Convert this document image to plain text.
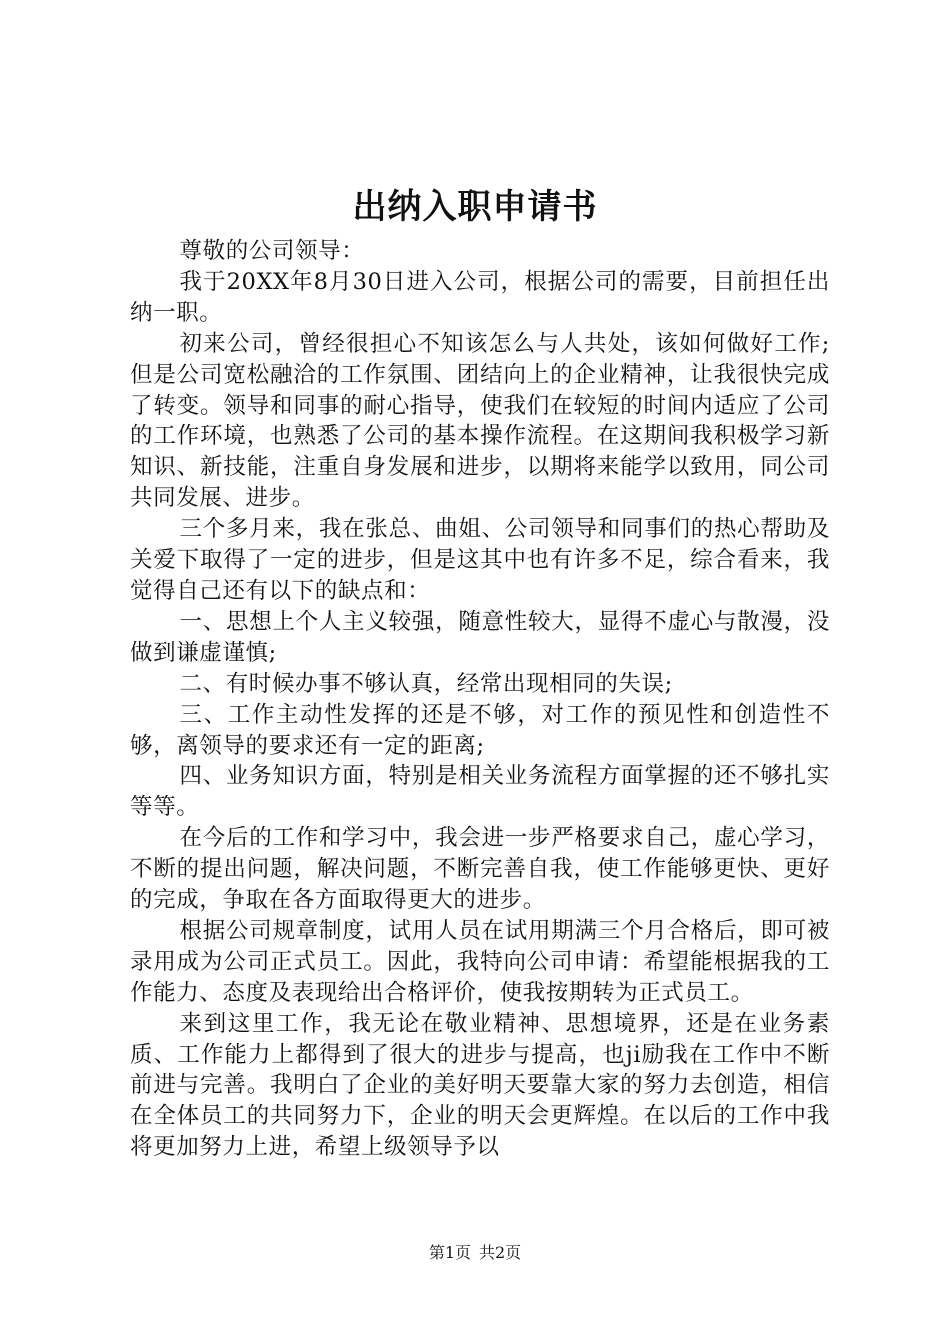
出纳入职申请书

尊敬的公司领导：

我于20XX年8月30日进入公司，根据公司的需要，目前担任出纳一职。

初来公司，曾经很担心不知该怎么与人共处，该如何做好工作;但是公司宽松融洽的工作氛围、团结向上的企业精神，让我很快完成了转变。领导和同事的耐心指导，使我们在较短的时间内适应了公司的工作环境，也熟悉了公司的基本操作流程。在这期间我积极学习新知识、新技能，注重自身发展和进步，以期将来能学以致用，同公司共同发展、进步。

三个多月来，我在张总、曲姐、公司领导和同事们的热心帮助及关爱下取得了一定的进步，但是这其中也有许多不足，综合看来，我觉得自己还有以下的缺点和：

一、思想上个人主义较强，随意性较大，显得不虚心与散漫，没做到谦虚谨慎;

二、有时候办事不够认真，经常出现相同的失误;

三、工作主动性发挥的还是不够，对工作的预见性和创造性不够，离领导的要求还有一定的距离;

四、业务知识方面，特别是相关业务流程方面掌握的还不够扎实等等。

在今后的工作和学习中，我会进一步严格要求自己，虚心学习，不断的提出问题，解决问题，不断完善自我，使工作能够更快、更好的完成，争取在各方面取得更大的进步。

根据公司规章制度，试用人员在试用期满三个月合格后，即可被录用成为公司正式员工。因此，我特向公司申请：希望能根据我的工作能力、态度及表现给出合格评价，使我按期转为正式员工。

来到这里工作，我无论在敬业精神、思想境界，还是在业务素质、工作能力上都得到了很大的进步与提高，也ji励我在工作中不断前进与完善。我明白了企业的美好明天要靠大家的努力去创造，相信在全体员工的共同努力下，企业的明天会更辉煌。在以后的工作中我将更加努力上进，希望上级领导予以

第1页 共2页
